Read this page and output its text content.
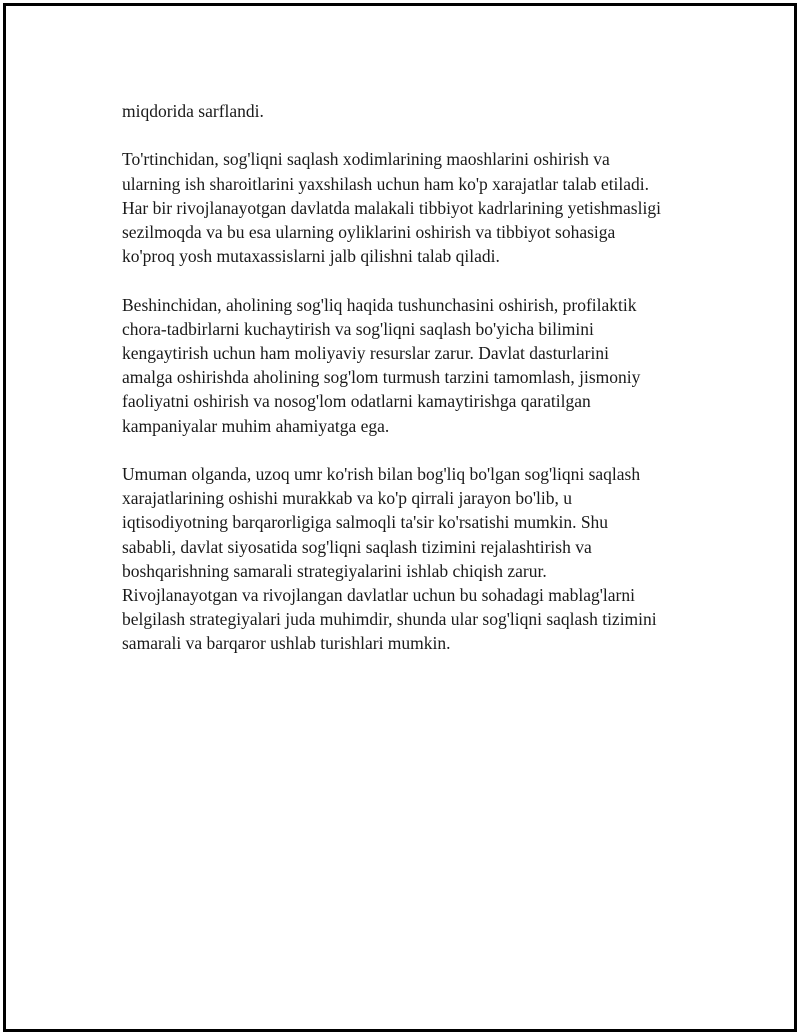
miqdorida sarflandi.

To'rtinchidan, sog'liqni saqlash xodimlarining maoshlarini oshirish va
ularning ish sharoitlarini yaxshilash uchun ham ko'p xarajatlar talab etiladi.
Har bir rivojlanayotgan davlatda malakali tibbiyot kadrlarining yetishmasligi
sezilmoqda va bu esa ularning oyliklarini oshirish va tibbiyot sohasiga
ko'proq yosh mutaxassislarni jalb qilishni talab qiladi.

Beshinchidan, aholining sog'liq haqida tushunchasini oshirish, profilaktik
chora-tadbirlarni kuchaytirish va sog'liqni saqlash bo'yicha bilimini
kengaytirish uchun ham moliyaviy resurslar zarur. Davlat dasturlarini
amalga oshirishda aholining sog'lom turmush tarzini tamomlash, jismoniy
faoliyatni oshirish va nosog'lom odatlarni kamaytirishga qaratilgan
kampaniyalar muhim ahamiyatga ega.

Umuman olganda, uzoq umr ko'rish bilan bog'liq bo'lgan sog'liqni saqlash
xarajatlarining oshishi murakkab va ko'p qirrali jarayon bo'lib, u
iqtisodiyotning barqarorligiga salmoqli ta'sir ko'rsatishi mumkin. Shu
sababli, davlat siyosatida sog'liqni saqlash tizimini rejalashtirish va
boshqarishning samarali strategiyalarini ishlab chiqish zarur.
Rivojlanayotgan va rivojlangan davlatlar uchun bu sohadagi mablag'larni
belgilash strategiyalari juda muhimdir, shunda ular sog'liqni saqlash tizimini
samarali va barqaror ushlab turishlari mumkin.
